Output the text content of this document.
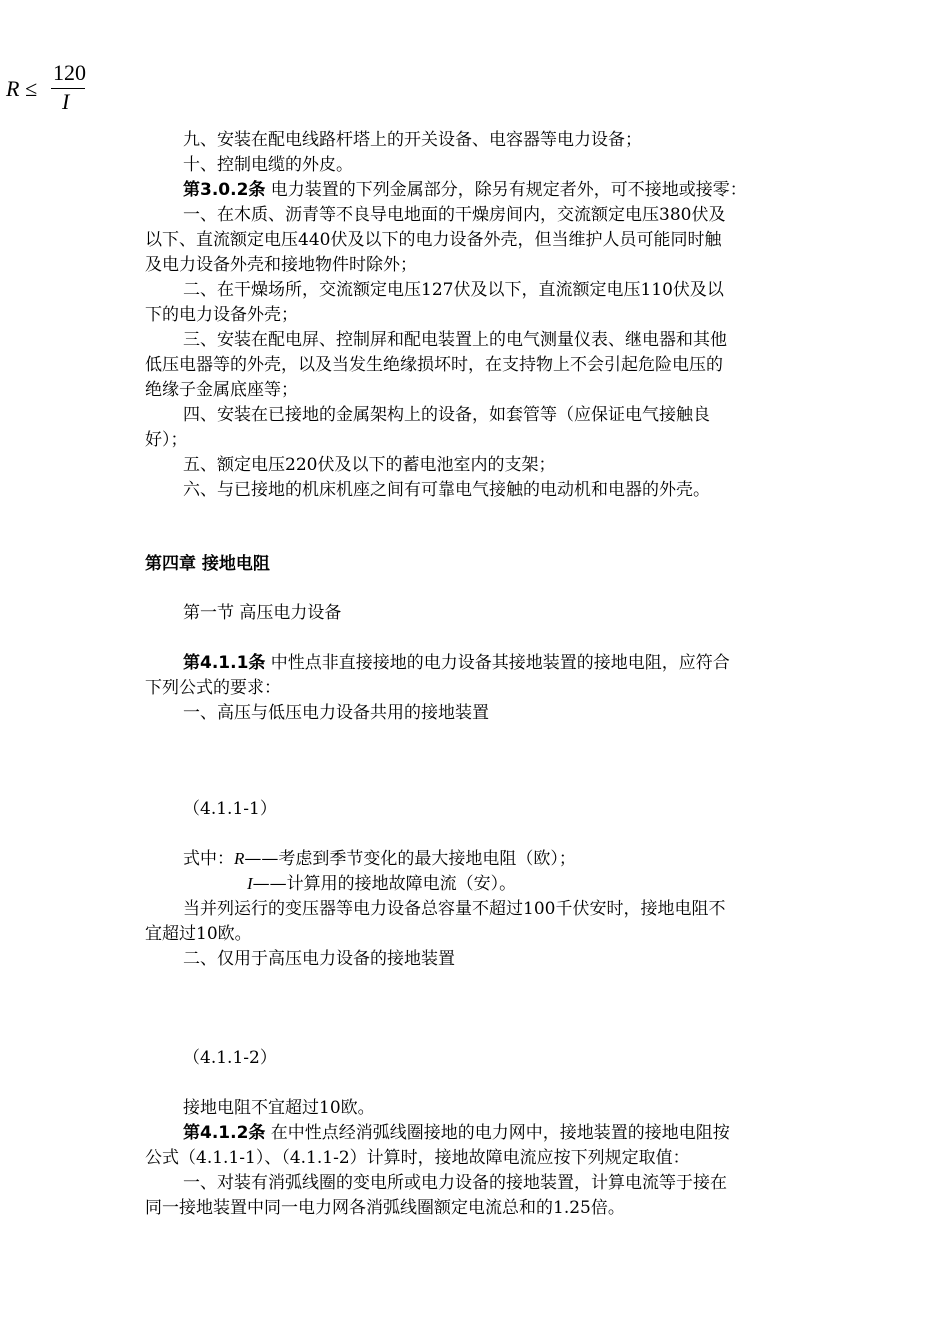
R ≤
120
I
九、安装在配电线路杆塔上的开关设备、电容器等电力设备；
十、控制电缆的外皮。
第3.0.2条 电力装置的下列金属部分，除另有规定者外，可不接地或接零：
一、在木质、沥青等不良导电地面的干燥房间内，交流额定电压380伏及
以下、直流额定电压440伏及以下的电力设备外壳，但当维护人员可能同时触
及电力设备外壳和接地物件时除外；
二、在干燥场所，交流额定电压127伏及以下，直流额定电压110伏及以
下的电力设备外壳；
三、安装在配电屏、控制屏和配电装置上的电气测量仪表、继电器和其他
低压电器等的外壳，以及当发生绝缘损坏时，在支持物上不会引起危险电压的
绝缘子金属底座等；
四、安装在已接地的金属架构上的设备，如套管等（应保证电气接触良
好）；
五、额定电压220伏及以下的蓄电池室内的支架；
六、与已接地的机床机座之间有可靠电气接触的电动机和电器的外壳。
第四章 接地电阻
第一节 高压电力设备
第4.1.1条 中性点非直接接地的电力设备其接地装置的接地电阻，应符合
下列公式的要求：
一、高压与低压电力设备共用的接地装置
（4.1.1-1）
式中：R——考虑到季节变化的最大接地电阻（欧）；
I——计算用的接地故障电流（安）。
当并列运行的变压器等电力设备总容量不超过100千伏安时，接地电阻不
宜超过10欧。
二、仅用于高压电力设备的接地装置
（4.1.1-2）
接地电阻不宜超过10欧。
第4.1.2条 在中性点经消弧线圈接地的电力网中，接地装置的接地电阻按
公式（4.1.1-1）、（4.1.1-2）计算时，接地故障电流应按下列规定取值：
一、对装有消弧线圈的变电所或电力设备的接地装置，计算电流等于接在
同一接地装置中同一电力网各消弧线圈额定电流总和的1.25倍。
